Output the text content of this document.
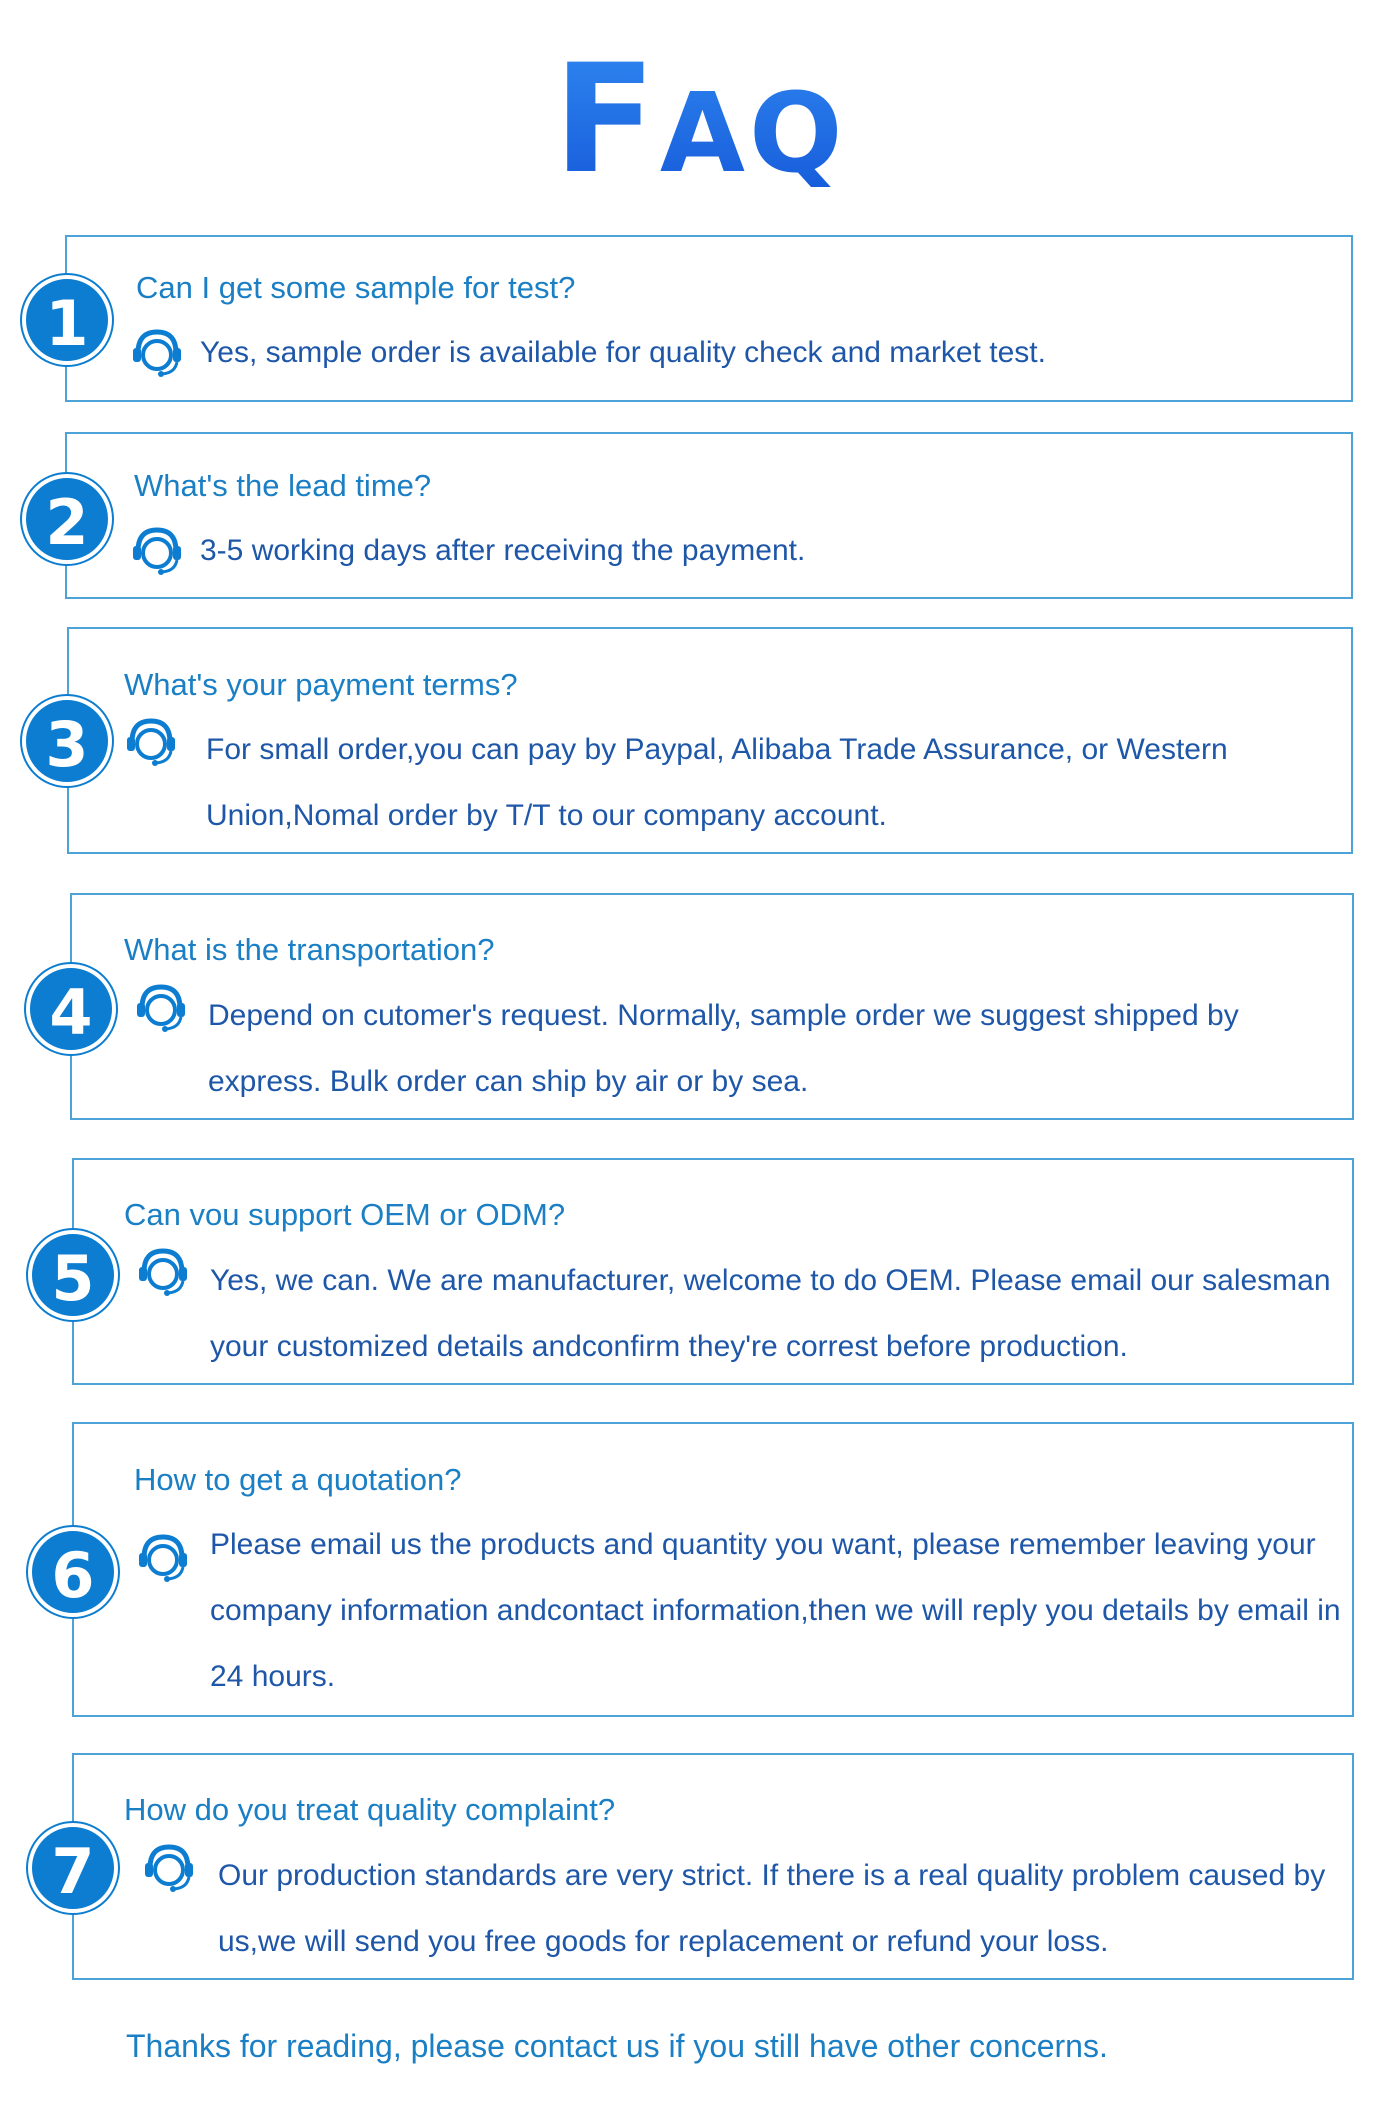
FAQ
1	Can I get some sample for test?
Yes, sample order is available for quality check and market test.
2
What's the lead time?
3-5 working days after receiving the payment.
3
What's your payment terms?
For small order,you can pay by Paypal, Alibaba Trade Assurance, or Western Union,Nomal order by T/T to our company account.
4
What is the transportation?
Depend on cutomer's request. Normally, sample order we suggest shipped by express. Bulk order can ship by air or by sea.
5
Can vou support OEM or ODM?
Yes, we can. We are manufacturer, welcome to do OEM. Please email our salesman your customized details andconfirm they're correst before production.
6
How to get a quotation?
Please email us the products and quantity you want, please remember leaving your company information andcontact information,then we will reply you details by email in 24 hours.
7
How do you treat quality complaint?
Our production standards are very strict. If there is a real quality problem caused by us,we will send you free goods for replacement or refund your loss.
Thanks for reading, please contact us if you still have other concerns.
